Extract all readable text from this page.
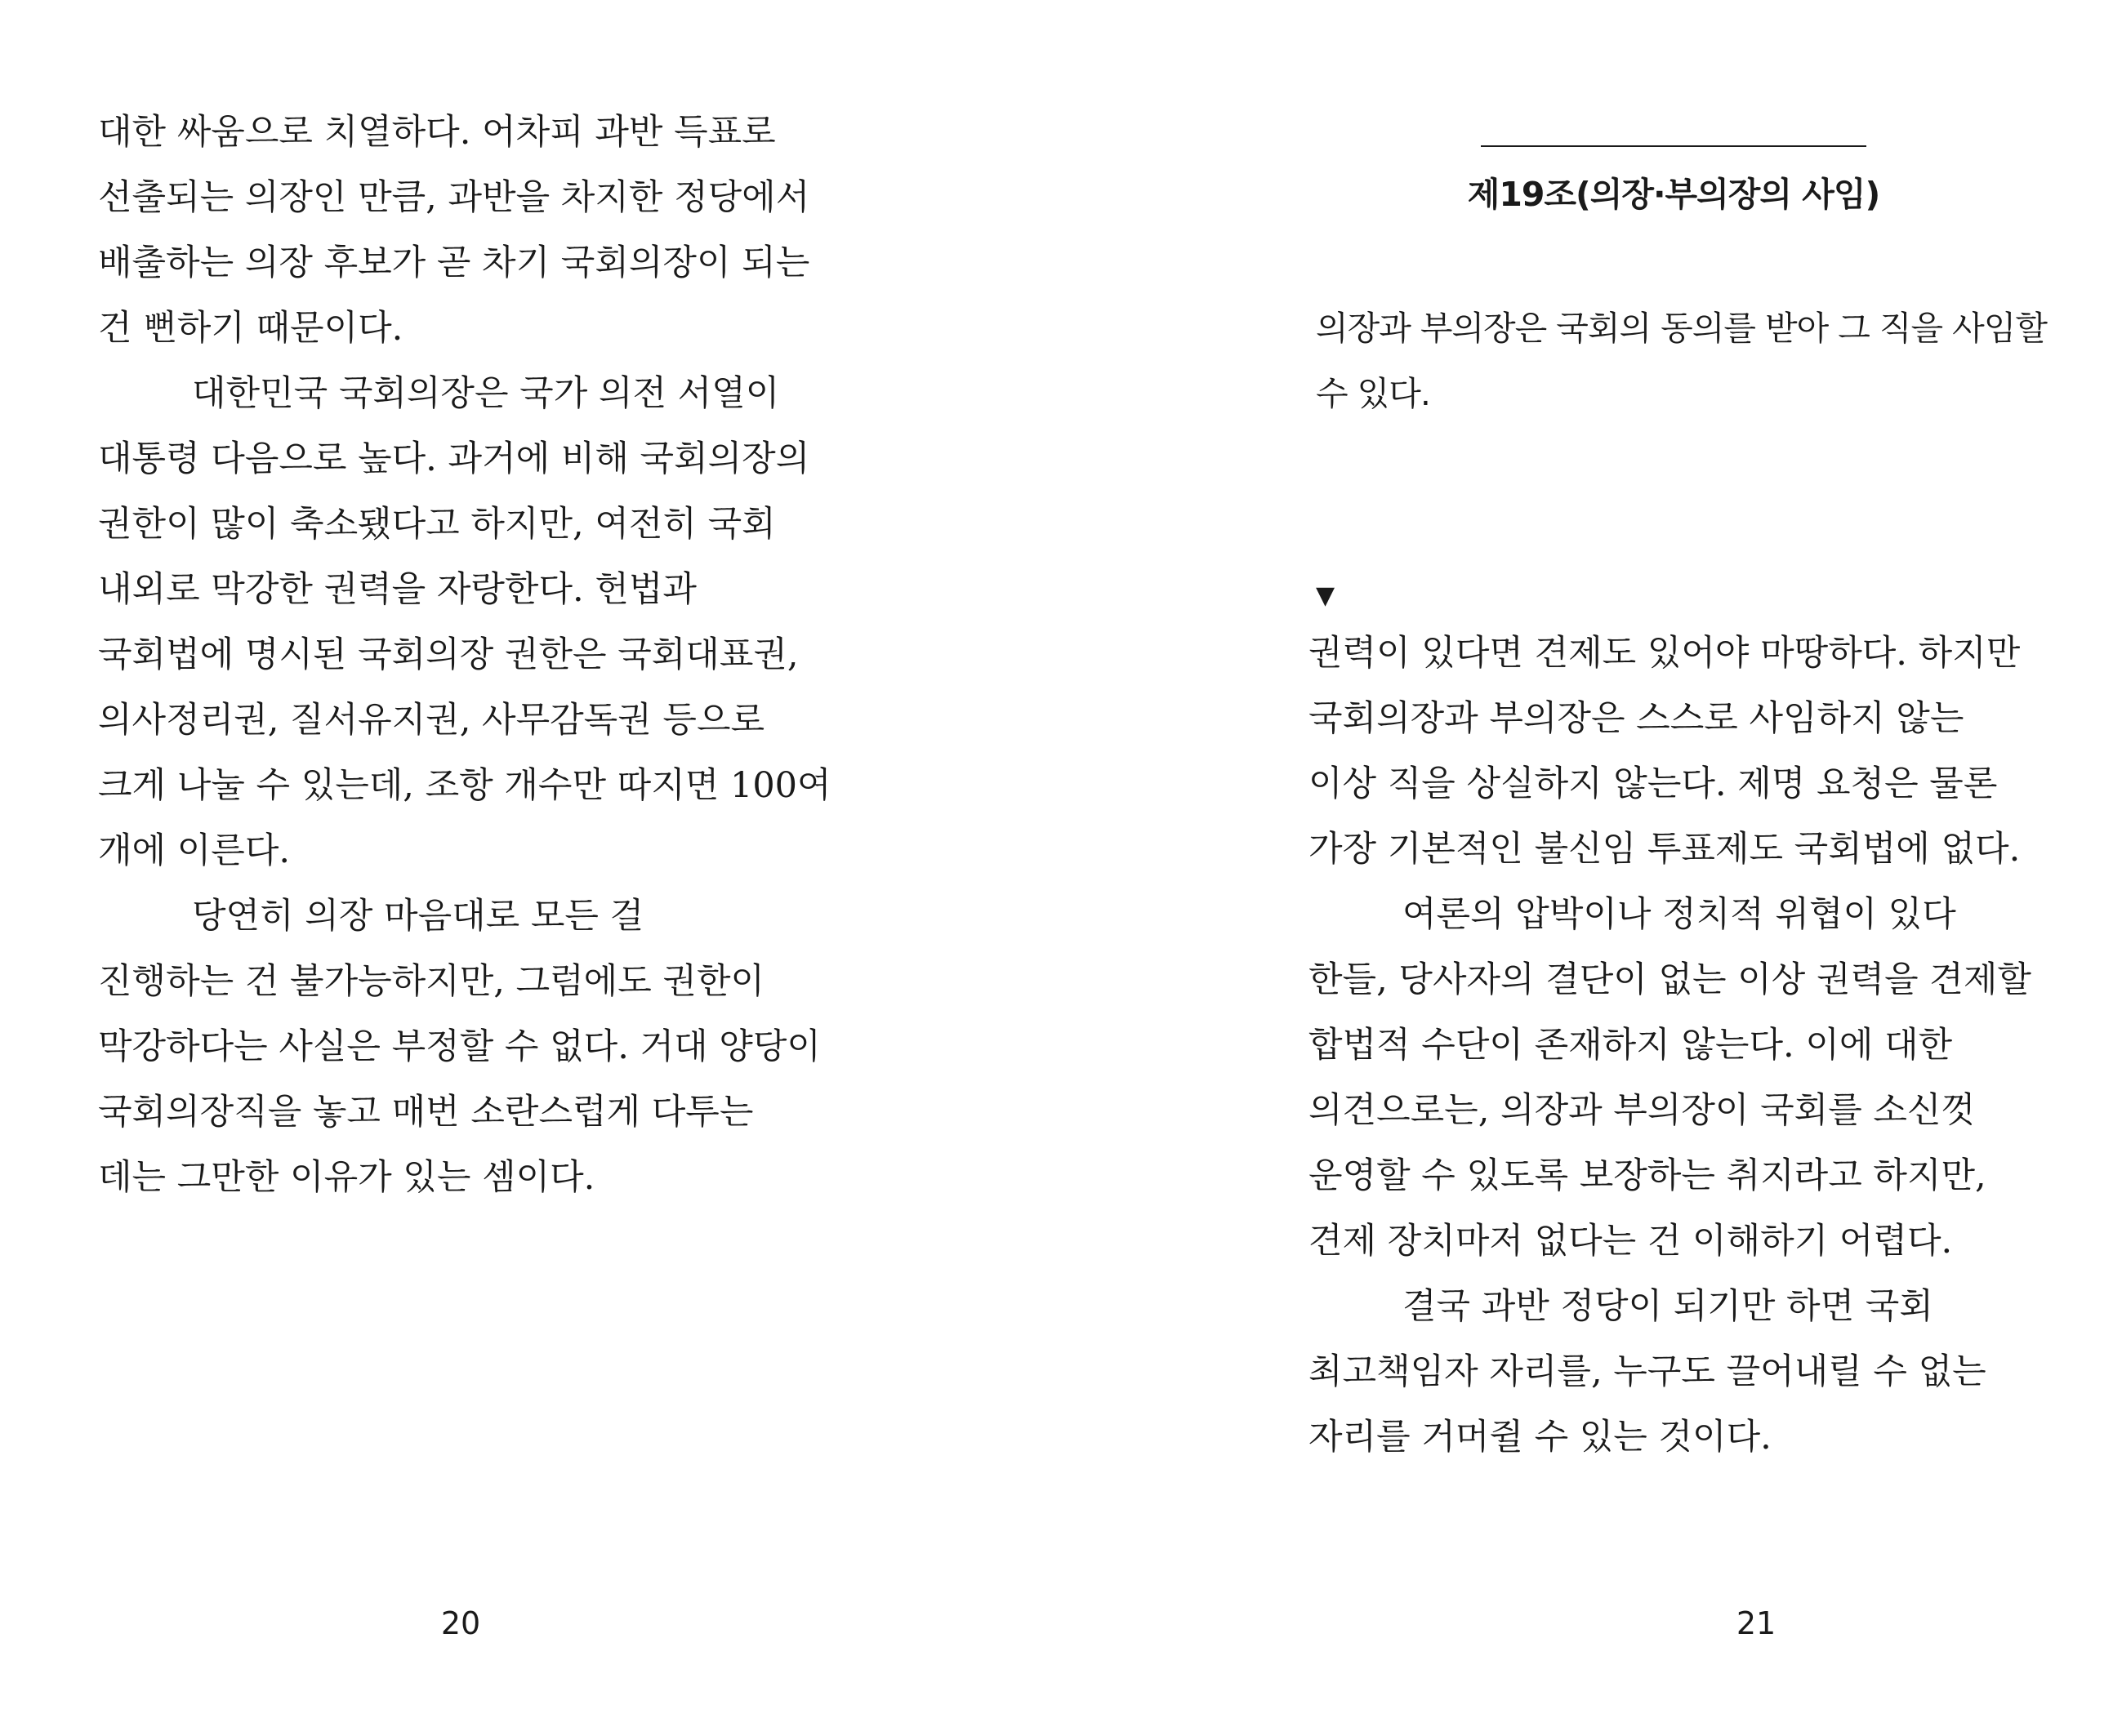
대한 싸움으로 치열하다. 어차피 과반 득표로
선출되는 의장인 만큼, 과반을 차지한 정당에서
배출하는 의장 후보가 곧 차기 국회의장이 되는
건 뻔하기 때문이다.
대한민국 국회의장은 국가 의전 서열이
대통령 다음으로 높다. 과거에 비해 국회의장의
권한이 많이 축소됐다고 하지만, 여전히 국회
내외로 막강한 권력을 자랑한다. 헌법과
국회법에 명시된 국회의장 권한은 국회대표권,
의사정리권, 질서유지권, 사무감독권 등으로
크게 나눌 수 있는데, 조항 개수만 따지면 100여
개에 이른다.
당연히 의장 마음대로 모든 걸
진행하는 건 불가능하지만, 그럼에도 권한이
막강하다는 사실은 부정할 수 없다. 거대 양당이
국회의장직을 놓고 매번 소란스럽게 다투는
데는 그만한 이유가 있는 셈이다.
20
제19조(의장·부의장의 사임)
의장과 부의장은 국회의 동의를 받아 그 직을 사임할
수 있다.
▼
권력이 있다면 견제도 있어야 마땅하다. 하지만
국회의장과 부의장은 스스로 사임하지 않는
이상 직을 상실하지 않는다. 제명 요청은 물론
가장 기본적인 불신임 투표제도 국회법에 없다.
여론의 압박이나 정치적 위협이 있다
한들, 당사자의 결단이 없는 이상 권력을 견제할
합법적 수단이 존재하지 않는다. 이에 대한
의견으로는, 의장과 부의장이 국회를 소신껏
운영할 수 있도록 보장하는 취지라고 하지만,
견제 장치마저 없다는 건 이해하기 어렵다.
결국 과반 정당이 되기만 하면 국회
최고책임자 자리를, 누구도 끌어내릴 수 없는
자리를 거머쥘 수 있는 것이다.
21
